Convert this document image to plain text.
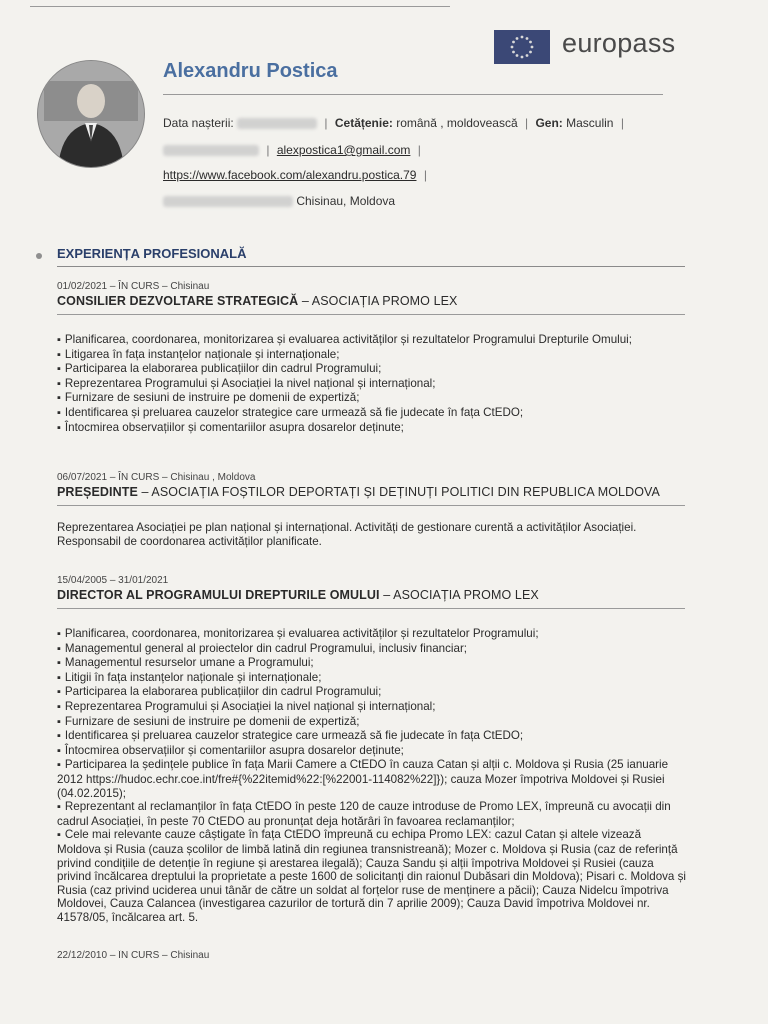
europass
Alexandru Postica
Data nașterii:	| Cetățenie: română , moldovească | Gen: Masculin |
| alexpostica1@gmail.com |
https://www.facebook.com/alexandru.postica.79 |
Chisinau, Moldova
EXPERIENȚA PROFESIONALĂ
01/02/2021 – ÎN CURS – Chisinau
CONSILIER DEZVOLTARE STRATEGICĂ – ASOCIAȚIA PROMO LEX
▪ Planificarea, coordonarea, monitorizarea și evaluarea activităților și rezultatelor Programului Drepturile Omului;
▪ Litigarea în fața instanțelor naționale și internaționale;
▪ Participarea la elaborarea publicațiilor din cadrul Programului;
▪ Reprezentarea Programului și Asociației la nivel național și internațional;
▪ Furnizare de sesiuni de instruire pe domenii de expertiză;
▪ Identificarea și preluarea cauzelor strategice care urmează să fie judecate în fața CtEDO;
▪ Întocmirea observațiilor și comentariilor asupra dosarelor deținute;
06/07/2021 – ÎN CURS – Chisinau , Moldova
PREȘEDINTE – ASOCIAȚIA FOȘTILOR DEPORTAȚI ȘI DEȚINUȚI POLITICI DIN REPUBLICA MOLDOVA

Reprezentarea Asociației pe plan național și internațional. Activități de gestionare curentă a activităților Asociației. Responsabil de coordonarea activităților planificate.

15/04/2005 – 31/01/2021
DIRECTOR AL PROGRAMULUI DREPTURILE OMULUI – ASOCIAȚIA PROMO LEX
▪ Planificarea, coordonarea, monitorizarea și evaluarea activităților și rezultatelor Programului;
▪ Managementul general al proiectelor din cadrul Programului, inclusiv financiar;
▪ Managementul resurselor umane a Programului;
▪ Litigii în fața instanțelor naționale și internaționale;
▪ Participarea la elaborarea publicațiilor din cadrul Programului;
▪ Reprezentarea Programului și Asociației la nivel național și internațional;
▪ Furnizare de sesiuni de instruire pe domenii de expertiză;
▪ Identificarea și preluarea cauzelor strategice care urmează să fie judecate în fața CtEDO;
▪ Întocmirea observațiilor și comentariilor asupra dosarelor deținute;
▪ Participarea la ședințele publice în fața Marii Camere a CtEDO în cauza Catan și alții c. Moldova și Rusia (25 ianuarie 2012 https://hudoc.echr.coe.int/fre#{%22itemid%22:[%22001-114082%22]}); cauza Mozer împotriva Moldovei și Rusiei (04.02.2015);
▪ Reprezentant al reclamanților în fața CtEDO în peste 120 de cauze introduse de Promo LEX, împreună cu avocații din cadrul Asociației, în peste 70 CtEDO au pronunțat deja hotărâri în favoarea reclamanților;
▪ Cele mai relevante cauze câștigate în fața CtEDO împreună cu echipa Promo LEX: cazul Catan și altele vizează Moldova și Rusia (cauza școlilor de limbă latină din regiunea transnistreană); Mozer c. Moldova și Rusia (caz de referință privind condițiile de detenție în regiune și arestarea ilegală); Cauza Sandu și alții împotriva Moldovei și Rusiei (cauza privind încălcarea dreptului la proprietate a peste 1600 de solicitanți din raionul Dubăsari din Moldova); Pisari c. Moldova și Rusia (caz privind uciderea unui tânăr de către un soldat al forțelor ruse de menținere a păcii); Cauza Nidelcu împotriva Moldovei, Cauza Calancea (investigarea cazurilor de tortură din 7 aprilie 2009); Cauza David împotriva Moldovei nr. 41578/05, încălcarea art. 5.
22/12/2010 – ÎN CURS – Chisinau
